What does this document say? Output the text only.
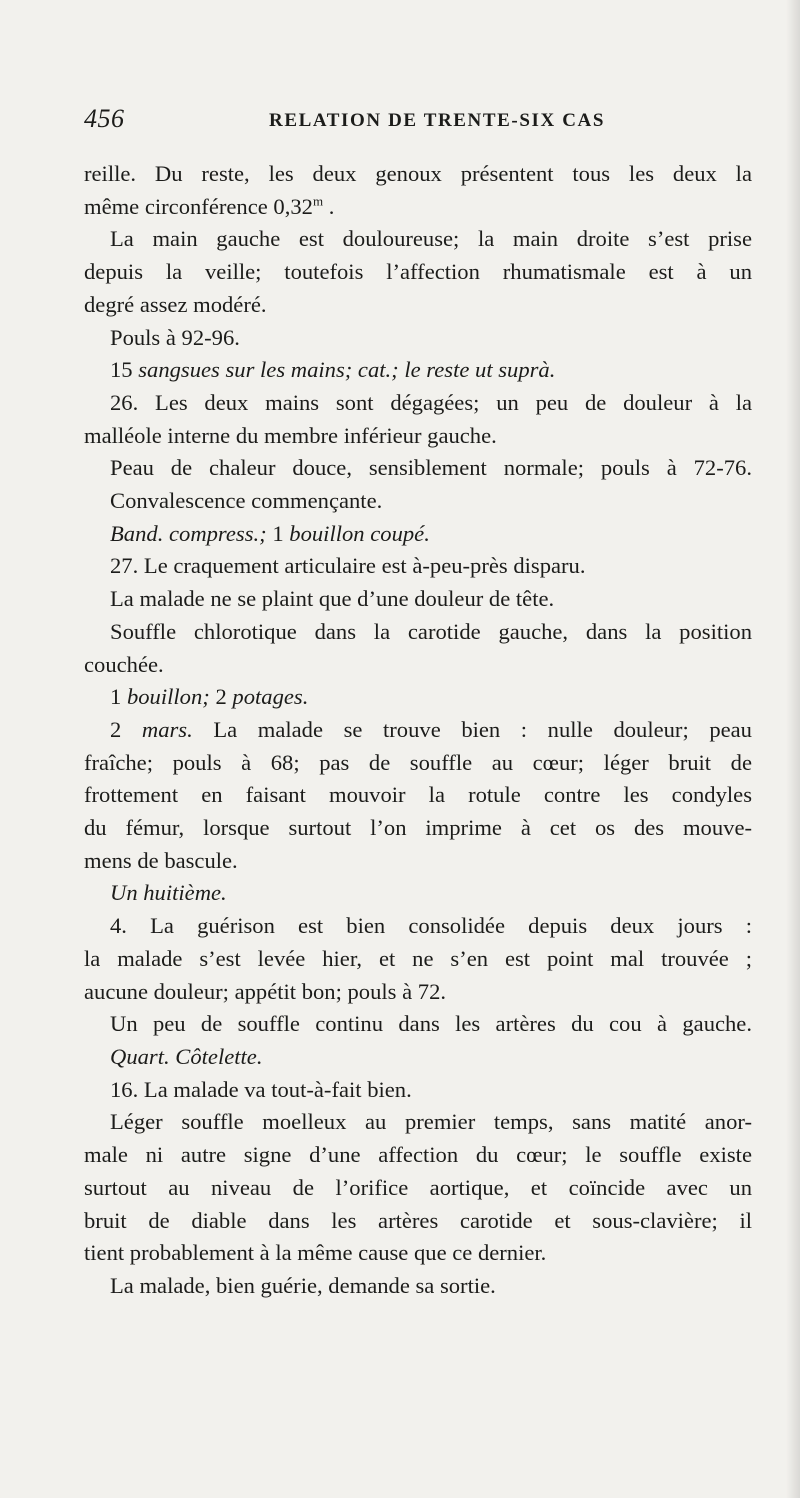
456	RELATION DE TRENTE-SIX CAS
reille. Du reste, les deux genoux présentent tous les deux la
même circonférence 0,32$^m$ .
La main gauche est douloureuse; la main droite s’est prise
depuis la veille; toutefois l’affection rhumatismale est à un
degré assez modéré.
Pouls à 92-96.
15 sangsues sur les mains; cat.; le reste ut suprà.
26. Les deux mains sont dégagées; un peu de douleur à la
malléole interne du membre inférieur gauche.
Peau de chaleur douce, sensiblement normale; pouls à 72-76.
Convalescence commençante.
Band. compress.; 1 bouillon coupé.
27. Le craquement articulaire est à-peu-près disparu.
La malade ne se plaint que d’une douleur de tête.
Souffle chlorotique dans la carotide gauche, dans la position
couchée.
1 bouillon; 2 potages.
2 mars. La malade se trouve bien : nulle douleur; peau
fraîche; pouls à 68; pas de souffle au cœur; léger bruit de
frottement en faisant mouvoir la rotule contre les condyles
du fémur, lorsque surtout l’on imprime à cet os des mouve-
mens de bascule.
Un huitième.
4. La guérison est bien consolidée depuis deux jours :
la malade s’est levée hier, et ne s’en est point mal trouvée ;
aucune douleur; appétit bon; pouls à 72.
Un peu de souffle continu dans les artères du cou à gauche.
Quart. Côtelette.
16. La malade va tout-à-fait bien.
Léger souffle moelleux au premier temps, sans matité anor-
male ni autre signe d’une affection du cœur; le souffle existe
surtout au niveau de l’orifice aortique, et coïncide avec un
bruit de diable dans les artères carotide et sous-clavière; il
tient probablement à la même cause que ce dernier.
La malade, bien guérie, demande sa sortie.
